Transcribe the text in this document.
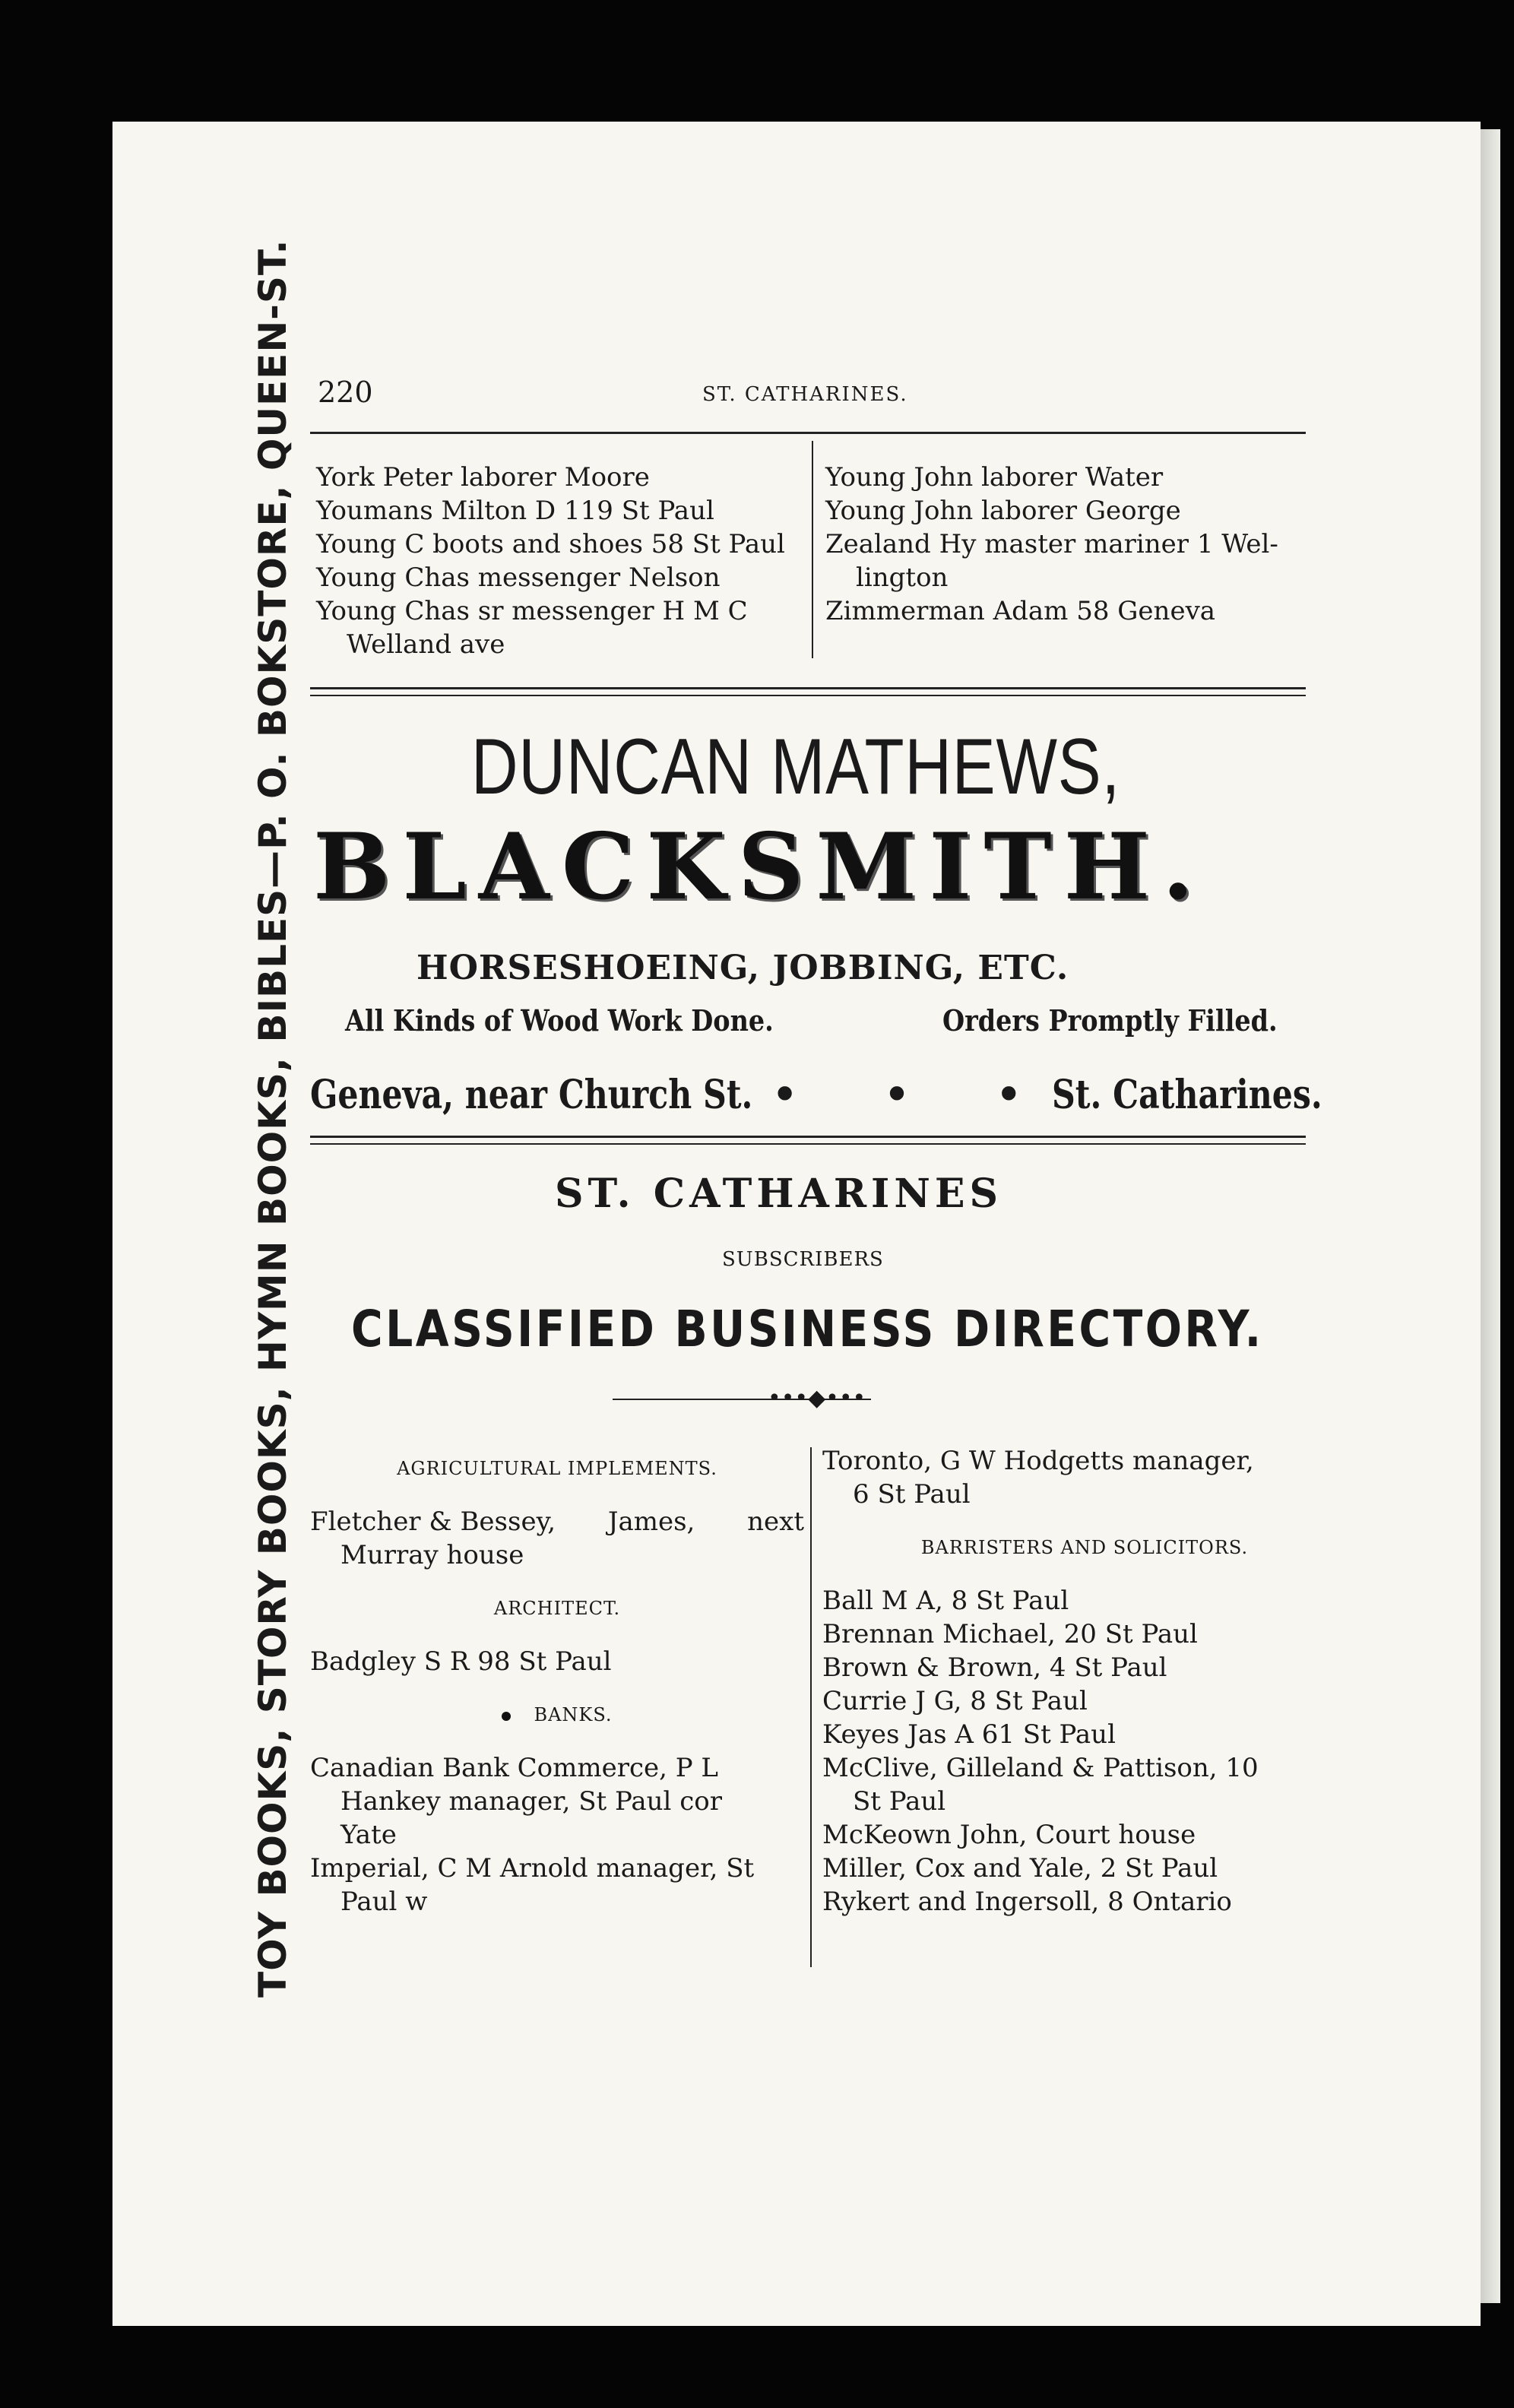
220	ST. CATHARINES.
TOY BOOKS, STORY BOOKS, HYMN BOOKS, BIBLES—P. O. BOKSTORE, QUEEN-ST. York Peter laborer Moore
Youmans Milton D 119 St Paul
Young C boots and shoes 58 St Paul
Young Chas messenger Nelson
Young Chas sr messenger H M C
Welland ave
Young John laborer Water
Young John laborer George
Zealand Hy master mariner 1 Wel-
lington
Zimmerman Adam 58 Geneva
DUNCAN MATHEWS,
BLACKSMITH.
HORSESHOEING, JOBBING, ETC.
All Kinds of Wood Work Done.	Orders Promptly Filled.
Geneva, near Church St. • • •
St. Catharines.
ST. CATHARINES
SUBSCRIBERS
CLASSIFIED BUSINESS DIRECTORY.
•••◆•••
AGRICULTURAL IMPLEMENTS.
Fletcher & Bessey, James, next
Murray house
ARCHITECT.
Badgley S R 98 St Paul
BANKS.
Canadian Bank Commerce, P L
Hankey manager, St Paul cor
Yate
Imperial, C M Arnold manager, St
Paul w
Toronto, G W Hodgetts manager,
6 St Paul
BARRISTERS AND SOLICITORS.
Ball M A, 8 St Paul
Brennan Michael, 20 St Paul
Brown & Brown, 4 St Paul
Currie J G, 8 St Paul
Keyes Jas A 61 St Paul
McClive, Gilleland & Pattison, 10
St Paul
McKeown John, Court house
Miller, Cox and Yale, 2 St Paul
Rykert and Ingersoll, 8 Ontario
